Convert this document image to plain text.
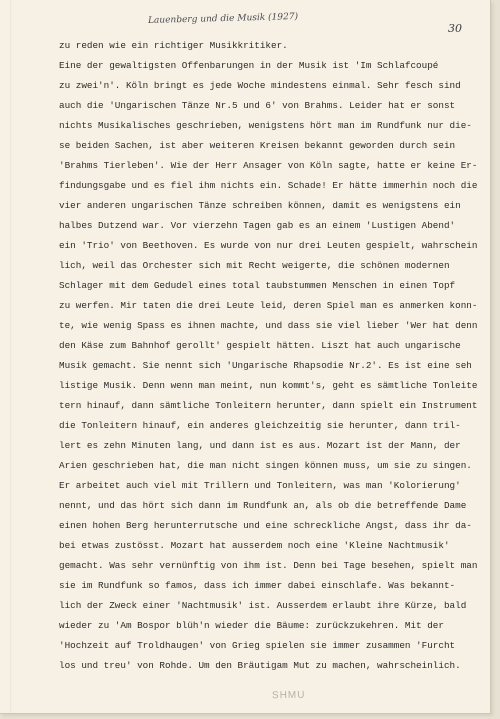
Lauenberg und die Musik (1927)
30
zu reden wie ein richtiger Musikkritiker.
Eine der gewaltigsten Offenbarungen in der Musik ist 'Im Schlafcoupé
zu zwei'n'. Köln bringt es jede Woche mindestens einmal. Sehr fesch sind
auch die 'Ungarischen Tänze Nr.5 und 6' von Brahms. Leider hat er sonst
nichts Musikalisches geschrieben, wenigstens hört man im Rundfunk nur die-
se beiden Sachen, ist aber weiteren Kreisen bekannt geworden durch sein
'Brahms Tierleben'. Wie der Herr Ansager von Köln sagte, hatte er keine Er-
findungsgabe und es fiel ihm nichts ein. Schade! Er hätte immerhin noch die
vier anderen ungarischen Tänze schreiben können, damit es wenigstens ein
halbes Dutzend war. Vor vierzehn Tagen gab es an einem 'Lustigen Abend'
ein 'Trio' von Beethoven. Es wurde von nur drei Leuten gespielt, wahrschein
lich, weil das Orchester sich mit Recht weigerte, die schönen modernen
Schlager mit dem Gedudel eines total taubstummen Menschen in einen Topf
zu werfen. Mir taten die drei Leute leid, deren Spiel man es anmerken konn-
te, wie wenig Spass es ihnen machte, und dass sie viel lieber 'Wer hat denn
den Käse zum Bahnhof gerollt' gespielt hätten. Liszt hat auch ungarische
Musik gemacht. Sie nennt sich 'Ungarische Rhapsodie Nr.2'. Es ist eine seh
listige Musik. Denn wenn man meint, nun kommt's, geht es sämtliche Tonleite
tern hinauf, dann sämtliche Tonleitern herunter, dann spielt ein Instrument
die Tonleitern hinauf, ein anderes gleichzeitig sie herunter, dann tril-
lert es zehn Minuten lang, und dann ist es aus. Mozart ist der Mann, der
Arien geschrieben hat, die man nicht singen können muss, um sie zu singen.
Er arbeitet auch viel mit Trillern und Tonleitern, was man 'Kolorierung'
nennt, und das hört sich dann im Rundfunk an, als ob die betreffende Dame
einen hohen Berg herunterrutsche und eine schreckliche Angst, dass ihr da-
bei etwas zustösst. Mozart hat ausserdem noch eine 'Kleine Nachtmusik'
gemacht. Was sehr vernünftig von ihm ist. Denn bei Tage besehen, spielt man
sie im Rundfunk so famos, dass ich immer dabei einschlafe. Was bekannt-
lich der Zweck einer 'Nachtmusik' ist. Ausserdem erlaubt ihre Kürze, bald
wieder zu 'Am Bospor blüh'n wieder die Bäume: zurückzukehren. Mit der
'Hochzeit auf Troldhaugen' von Grieg spielen sie immer zusammen 'Furcht
los und treu' von Rohde. Um den Bräutigam Mut zu machen, wahrscheinlich.
SHMU
